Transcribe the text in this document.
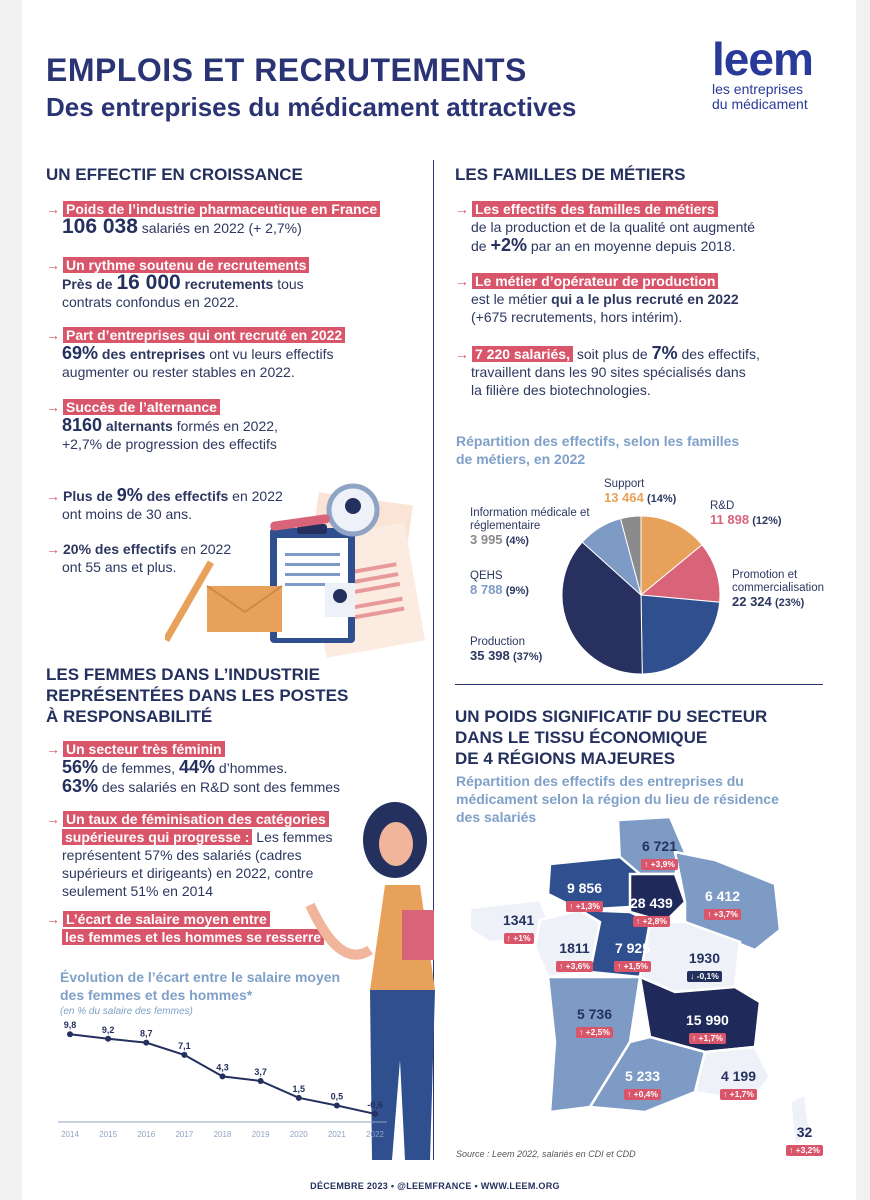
EMPLOIS ET RECRUTEMENTS
Des entreprises du médicament attractives
leem
les entreprises
du médicament
UN EFFECTIF EN CROISSANCE
→ Poids de l’industrie pharmaceutique en France
106 038 salariés en 2022 (+ 2,7%)
→ Un rythme soutenu de recrutements
Près de 16 000 recrutements tous
contrats confondus en 2022.
→ Part d’entreprises qui ont recruté en 2022
69% des entreprises ont vu leurs effectifs
augmenter ou rester stables en 2022.
→ Succès de l’alternance
8160 alternants formés en 2022,
+2,7% de progression des effectifs
→ Plus de 9% des effectifs en 2022
ont moins de 30 ans.
→ 20% des effectifs en 2022
ont 55 ans et plus.
LES FEMMES DANS L’INDUSTRIE
REPRÉSENTÉES DANS LES POSTES
À RESPONSABILITÉ
→ Un secteur très féminin
56% de femmes, 44% d’hommes.
63% des salariés en R&D sont des femmes
→ Un taux de féminisation des catégories
supérieures qui progresse : Les femmes
représentent 57% des salariés (cadres
supérieurs et dirigeants) en 2022, contre
seulement 51% en 2014
→ L’écart de salaire moyen entre
les femmes et les hommes se resserre
Évolution de l’écart entre le salaire moyen
des femmes et des hommes*
(en % du salaire des femmes)
9,8
2014
9,2
2015
8,7
2016
7,1
2017
4,3
2018
3,7
2019
1,5
2020
0,5
2021
-0,6
2022
LES FAMILLES DE MÉTIERS
→ Les effectifs des familles de métiers
de la production et de la qualité ont augmenté
de +2% par an en moyenne depuis 2018.
→ Le métier d’opérateur de production
est le métier qui a le plus recruté en 2022
(+675 recrutements, hors intérim).
→ 7 220 salariés, soit plus de 7% des effectifs,
travaillent dans les 90 sites spécialisés dans
la filière des biotechnologies.
Répartition des effectifs, selon les familles
de métiers, en 2022
Support
13 464 (14%)
R&D
11 898 (12%)
Promotion et commercialisation
22 324 (23%)
Production
35 398 (37%)
QEHS
8 788 (9%)
Information médicale et réglementaire
3 995 (4%)
UN POIDS SIGNIFICATIF DU SECTEUR
DANS LE TISSU ÉCONOMIQUE
DE 4 RÉGIONS MAJEURES
Répartition des effectifs des entreprises du
médicament selon la région du lieu de résidence
des salariés
6 721
↑ +3,9%
9 856
↑ +1,3% 28 439
↑ +2,8%
6 412
↑ +3,7%
1341
↑ +1%
1811
↑ +3,6%
7 925
↑ +1,5%	1930
↓ -0,1%
5 736
↑ +2,5%
15 990
↑ +1,7%
5 233
↑ +0,4%
4 199
↑ +1,7%
32
↑ +3,2%
Source : Leem 2022, salariés en CDI et CDD
DÉCEMBRE 2023 • @LEEMFRANCE • WWW.LEEM.ORG
